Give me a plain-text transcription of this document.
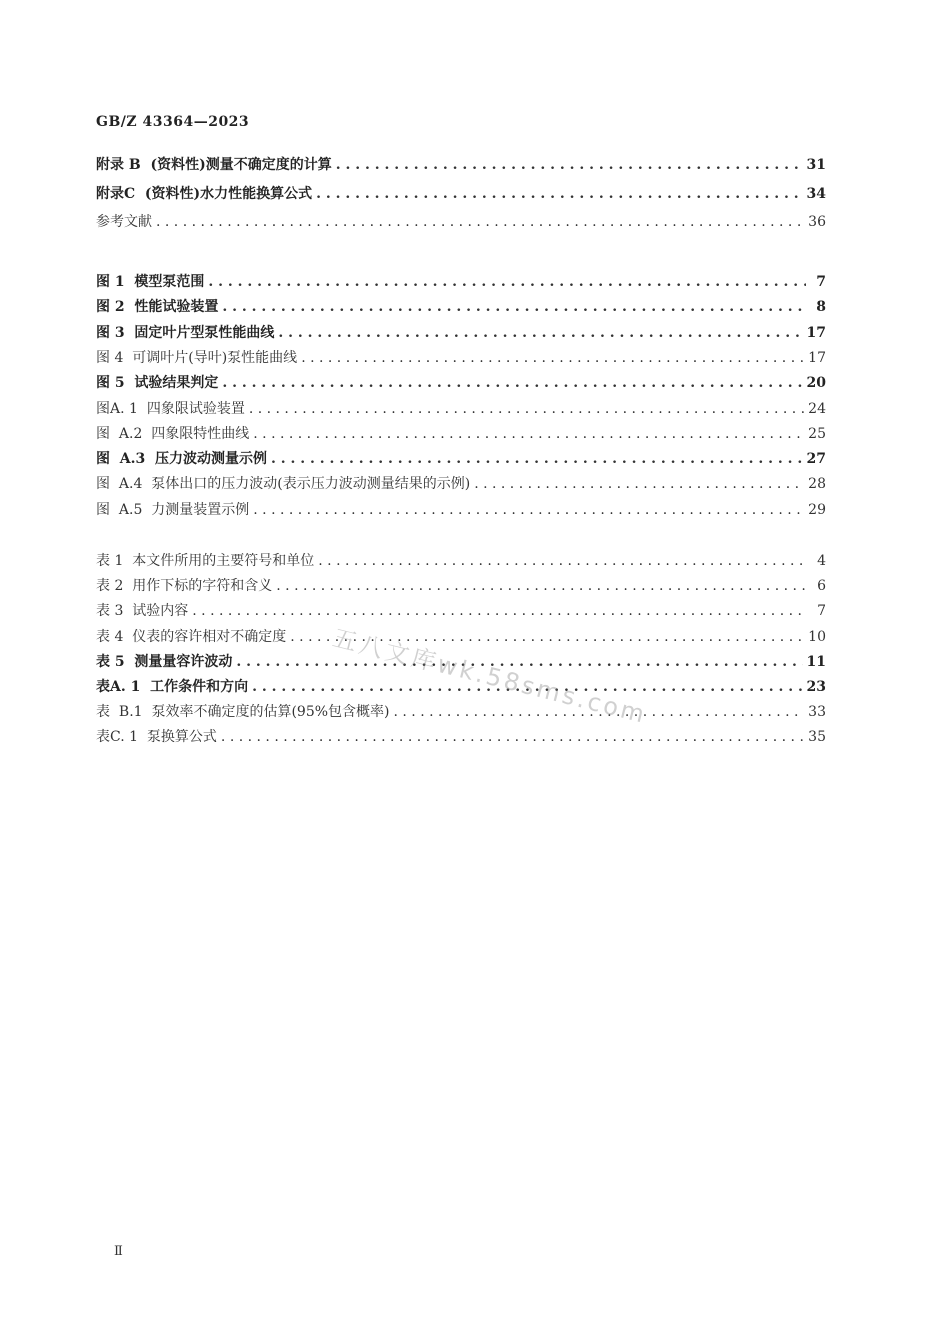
GB/Z 43364—2023
附录 B  (资料性)测量不确定度的计算 . . .	31
附录C  (资料性)水力性能换算公式 . . .	34
参考文献 . . .	36
图 1  模型泵范围 . . .	7
图 2  性能试验装置 . . .	8
图 3  固定叶片型泵性能曲线 . . .	17
图 4  可调叶片(导叶)泵性能曲线 . . .	17
图 5  试验结果判定 . . .	20
图A. 1  四象限试验装置 . . .	24
图  A.2  四象限特性曲线 . . .	25
图  A.3  压力波动测量示例 . . .	27
图  A.4  泵体出口的压力波动(表示压力波动测量结果的示例) . . .	28
图  A.5  力测量装置示例 . . .	29
表 1  本文件所用的主要符号和单位 . . .	4
表 2  用作下标的字符和含义 . . .	6
表 3  试验内容 . . .	7
表 4  仪表的容许相对不确定度 . . .	10
表 5  测量量容许波动 . . .	11
表A. 1  工作条件和方向 . . .	23
表  B.1  泵效率不确定度的估算(95%包含概率) . . .	33
表C. 1  泵换算公式 . . .	35
五八文库wk.58sms.com
Ⅱ
